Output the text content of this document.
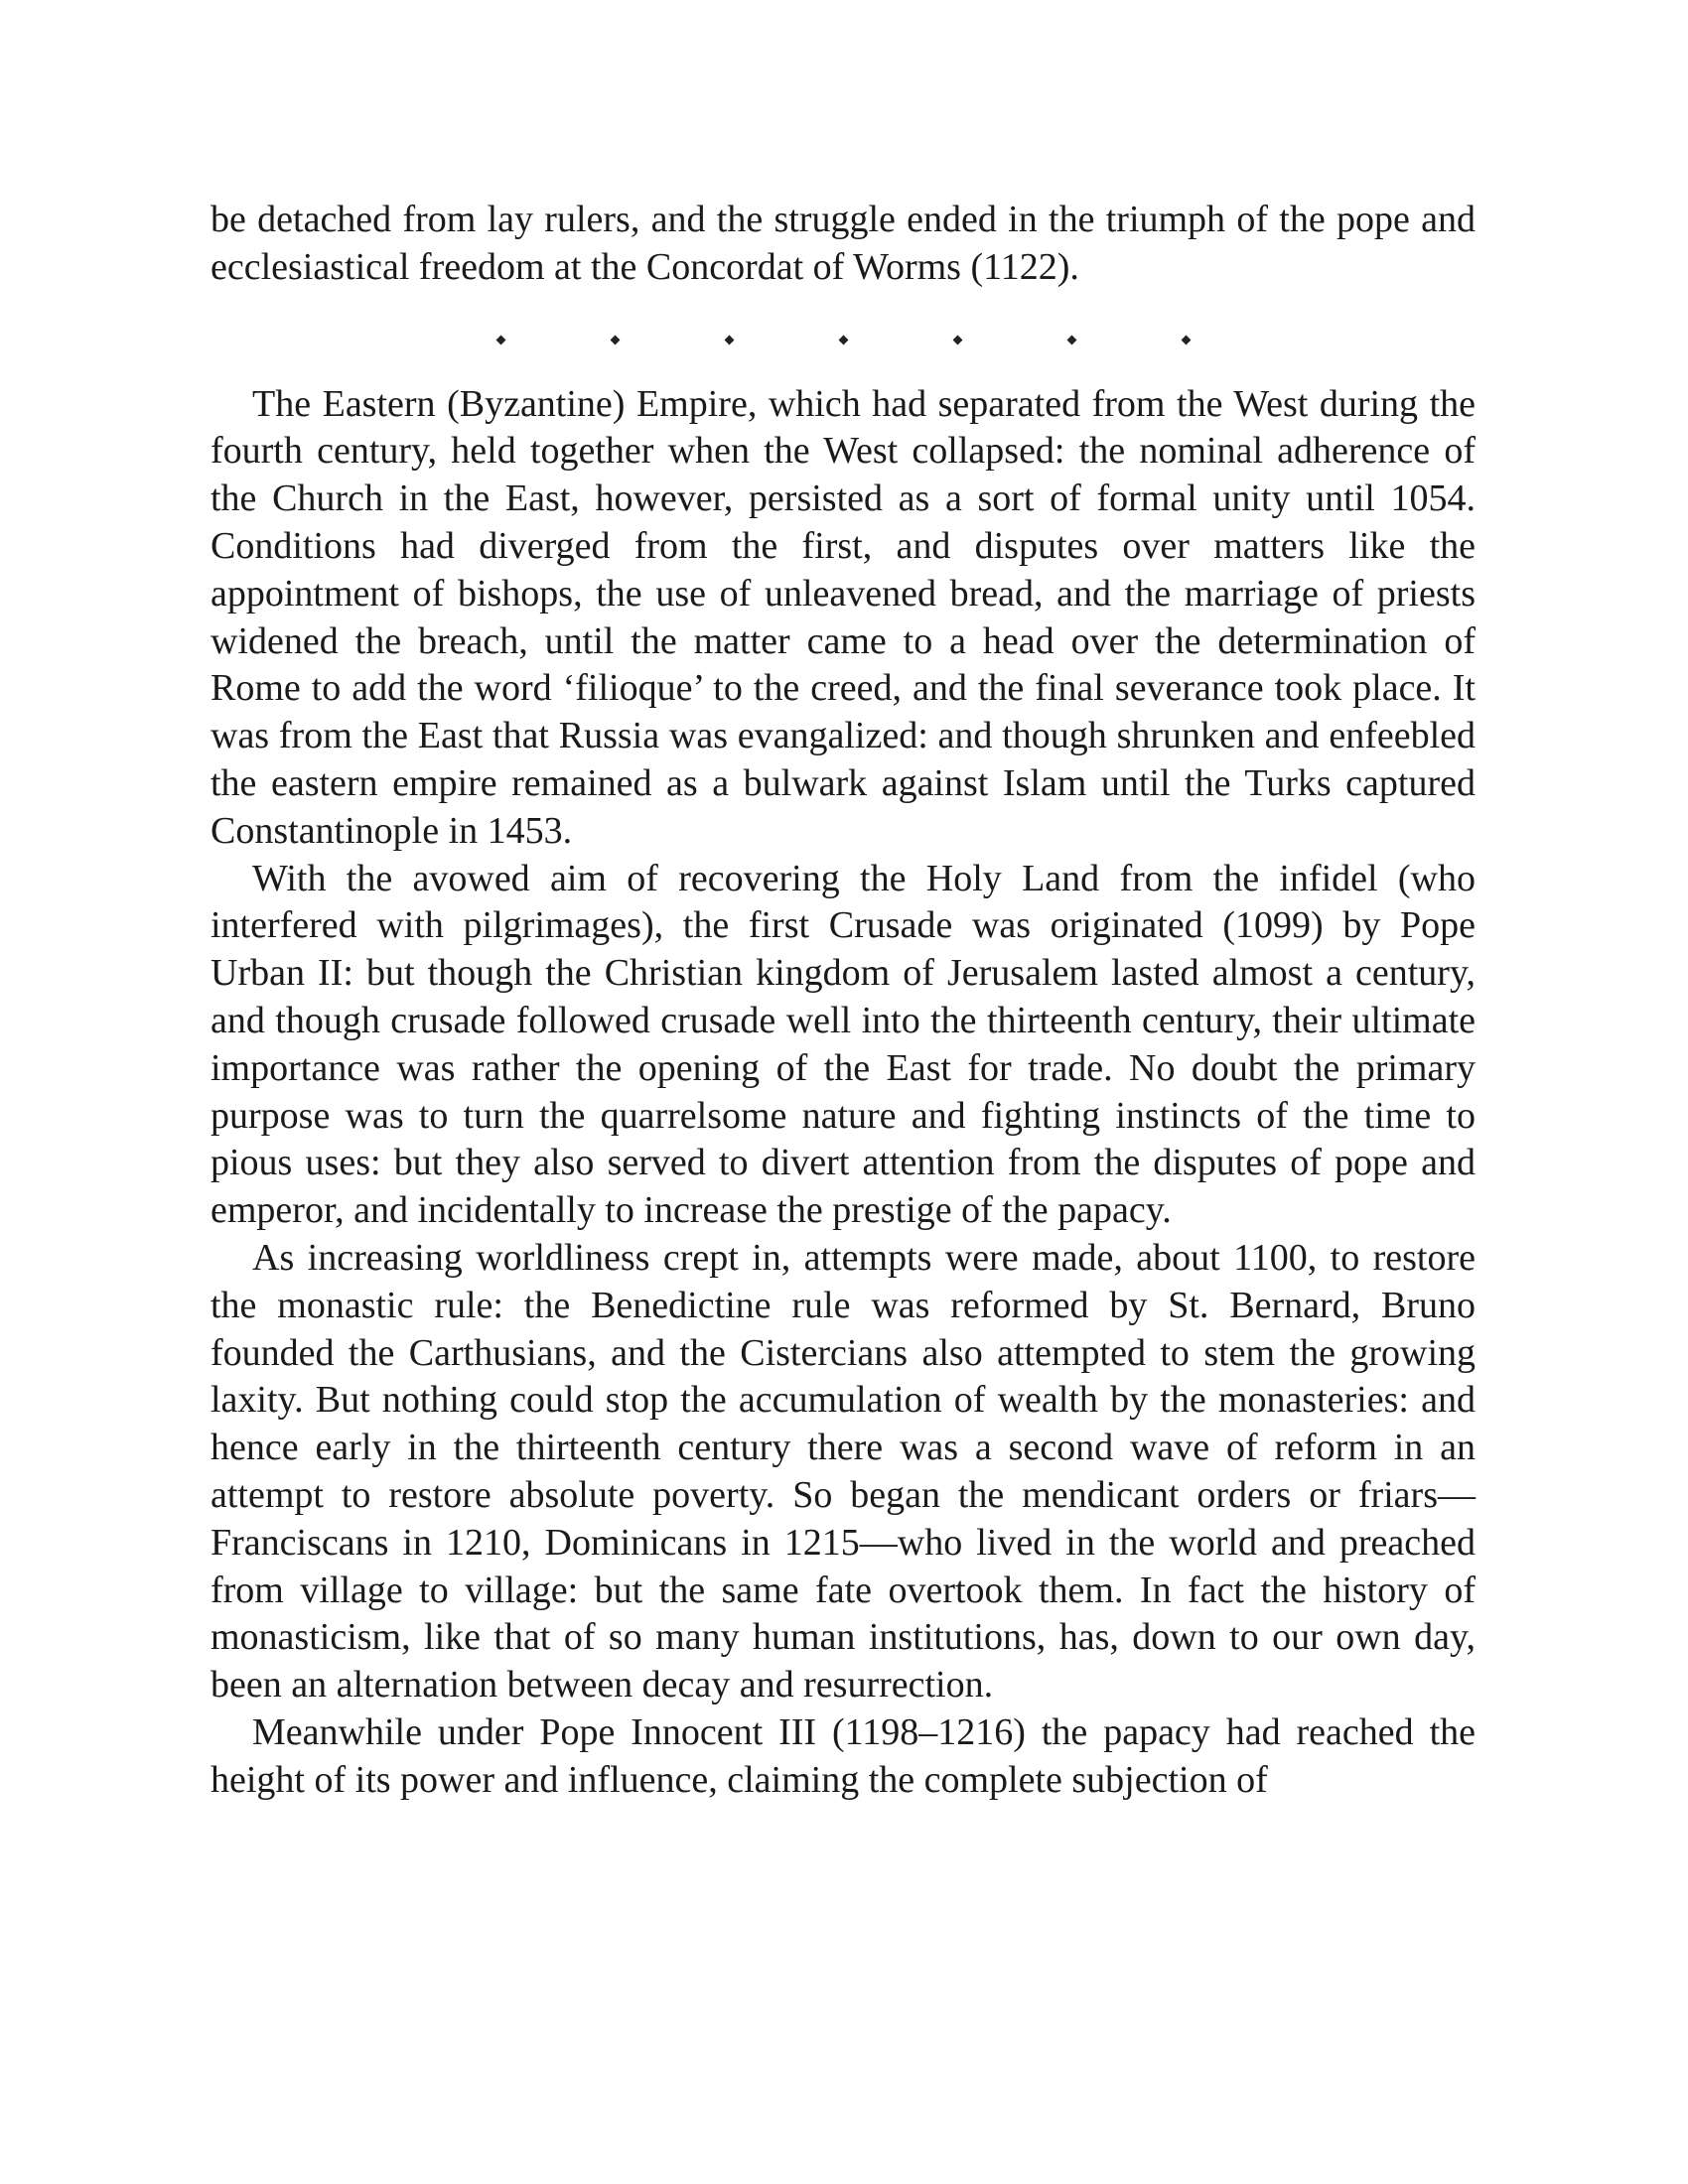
be detached from lay rulers, and the struggle ended in the triumph of the pope and ecclesiastical freedom at the Concordat of Worms (1122).

The Eastern (Byzantine) Empire, which had separated from the West during the fourth century, held together when the West collapsed: the nominal adherence of the Church in the East, however, persisted as a sort of formal unity until 1054. Conditions had diverged from the first, and disputes over matters like the appointment of bishops, the use of unleavened bread, and the marriage of priests widened the breach, until the matter came to a head over the determination of Rome to add the word ‘filioque’ to the creed, and the final severance took place. It was from the East that Russia was evangalized: and though shrunken and enfeebled the eastern empire remained as a bulwark against Islam until the Turks captured Constantinople in 1453.

With the avowed aim of recovering the Holy Land from the infidel (who interfered with pilgrimages), the first Crusade was originated (1099) by Pope Urban II: but though the Christian kingdom of Jerusalem lasted almost a century, and though crusade followed crusade well into the thirteenth century, their ultimate importance was rather the opening of the East for trade. No doubt the primary purpose was to turn the quarrelsome nature and fighting instincts of the time to pious uses: but they also served to divert attention from the disputes of pope and emperor, and incidentally to increase the prestige of the papacy.

As increasing worldliness crept in, attempts were made, about 1100, to restore the monastic rule: the Benedictine rule was reformed by St. Bernard, Bruno founded the Carthusians, and the Cistercians also attempted to stem the growing laxity. But nothing could stop the accumulation of wealth by the monasteries: and hence early in the thirteenth century there was a second wave of reform in an attempt to restore absolute poverty. So began the mendicant orders or friars—Franciscans in 1210, Dominicans in 1215—who lived in the world and preached from village to village: but the same fate overtook them. In fact the history of monasticism, like that of so many human institutions, has, down to our own day, been an alternation between decay and resurrection.

Meanwhile under Pope Innocent III (1198–1216) the papacy had reached the height of its power and influence, claiming the complete subjection of
